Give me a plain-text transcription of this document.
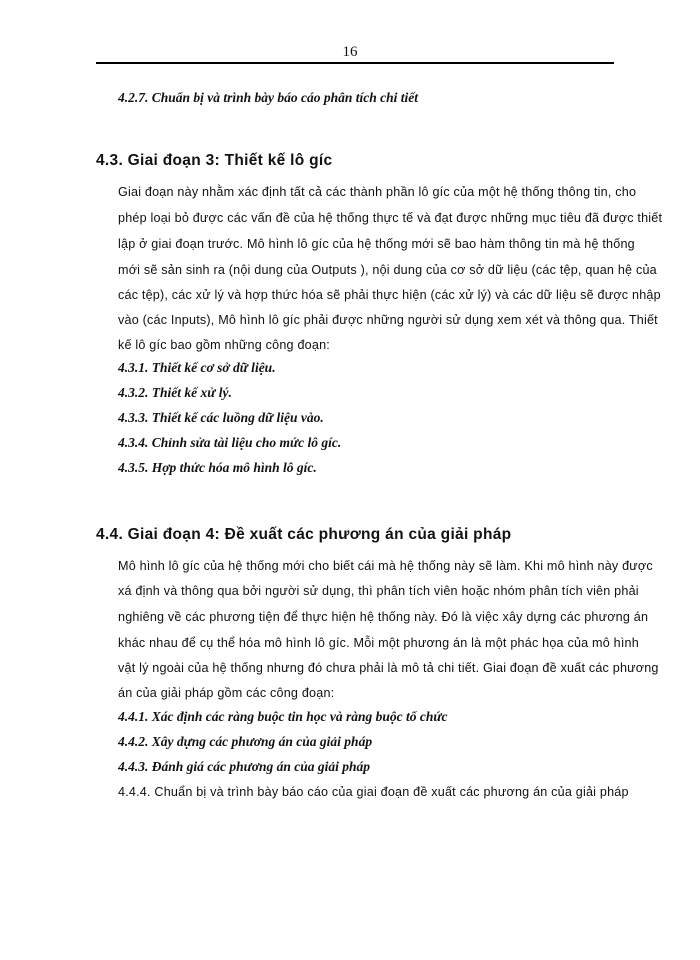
16
4.2.7. Chuẩn bị và trình bày báo cáo phân tích chi tiết
4.3. Giai đoạn 3: Thiết kế lô gíc
Giai đoạn này nhằm xác định tất cả các thành phần lô gíc của một hệ thống thông tin, cho
phép loại bỏ được các vấn đề của hệ thống thực tế và đạt được những mục tiêu đã được thiết
lập ở giai đoạn trước. Mô hình lô gíc của hệ thống mới sẽ bao hàm thông tin mà hệ thống
mới sẽ sản sinh ra (nội dung của Outputs ), nội dung của cơ sở dữ liệu (các tệp, quan hệ của
các tệp), các xử lý và hợp thức hóa sẽ phải thực hiện (các xử lý) và các dữ liệu sẽ được nhập
vào (các Inputs), Mô hình lô gíc phải được những người sử dụng xem xét và thông qua. Thiết
kế lô gíc bao gồm những công đoạn:
4.3.1. Thiết kế cơ sở dữ liệu.
4.3.2. Thiết kế xử lý.
4.3.3. Thiết kế các luồng dữ liệu vào.
4.3.4. Chỉnh sửa tài liệu cho mức lô gíc.
4.3.5. Hợp thức hóa mô hình lô gíc.
4.4. Giai đoạn 4: Đề xuất các phương án của giải pháp
Mô hình lô gíc của hệ thống mới cho biết cái mà hệ thống này sẽ làm. Khi mô hình này được
xá định và thông qua bởi người sử dụng, thì phân tích viên hoặc nhóm phân tích viên phải
nghiêng về các phương tiện để thực hiện hệ thống này. Đó là việc xây dựng các phương án
khác nhau để cụ thể hóa mô hình lô gíc. Mỗi một phương án là một phác họa của mô hình
vật lý ngoài của hệ thống nhưng đó chưa phải là mô tả chi tiết. Giai đoạn đề xuất các phương
án của giải pháp gồm các công đoạn:
4.4.1. Xác định các ràng buộc tin học và ràng buộc tổ chức
4.4.2. Xây dựng các phương án của giải pháp
4.4.3. Đánh giá các phương án của giải pháp
4.4.4. Chuẩn bị và trình bày báo cáo của giai đoạn đề xuất các phương án của giải pháp
